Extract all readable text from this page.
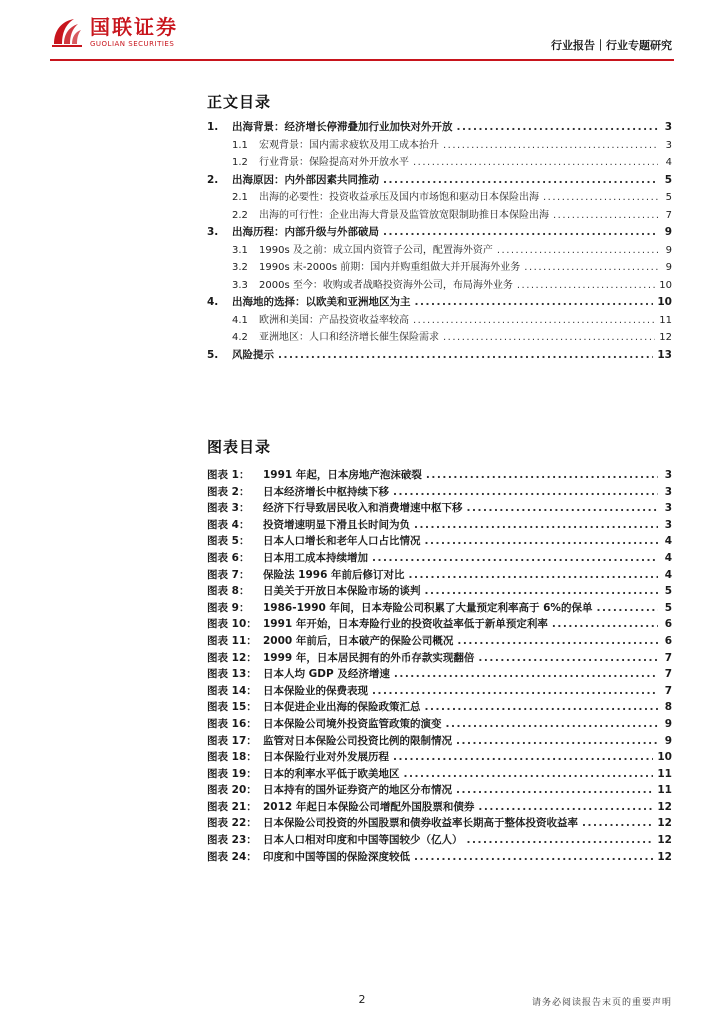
国联证券
GUOLIAN SECURITIES	行业报告｜行业专题研究
正文目录
1.	出海背景：经济增长停滞叠加行业加快对外开放 .....	3
1.1	宏观背景：国内需求疲软及用工成本抬升 .....	3
1.2	行业背景：保险提高对外开放水平 .....	4
2.	出海原因：内外部因素共同推动 .....	5
2.1	出海的必要性：投资收益承压及国内市场饱和驱动日本保险出海 .....	5
2.2	出海的可行性：企业出海大背景及监管放宽限制助推日本保险出海 .....	7
3.	出海历程：内部升级与外部破局 .....	9
3.1	1990s 及之前：成立国内资管子公司，配置海外资产 .....	9
3.2	1990s 末-2000s 前期：国内并购重组做大并开展海外业务 .....	9
3.3	2000s 至今：收购或者战略投资海外公司，布局海外业务 .....	10
4.	出海地的选择：以欧美和亚洲地区为主 .....	10
4.1	欧洲和美国：产品投资收益率较高 .....	11
4.2	亚洲地区：人口和经济增长催生保险需求 .....	12
5.	风险提示 .....	13
图表目录
图表 1：	1991 年起，日本房地产泡沫破裂 .....	3
图表 2：	日本经济增长中枢持续下移 .....	3
图表 3：	经济下行导致居民收入和消费增速中枢下移 .....	3
图表 4：	投资增速明显下滑且长时间为负 .....	3
图表 5：	日本人口增长和老年人口占比情况 .....	4
图表 6：	日本用工成本持续增加 .....	4
图表 7：	保险法 1996 年前后修订对比 .....	4
图表 8：	日美关于开放日本保险市场的谈判 .....	5
图表 9：	1986-1990 年间，日本寿险公司积累了大量预定利率高于 6%的保单 .....	5
图表 10： 1991 年开始，日本寿险行业的投资收益率低于新单预定利率 .....	6
图表 11： 2000 年前后，日本破产的保险公司概况 .....	6
图表 12： 1999 年，日本居民拥有的外币存款实现翻倍 .....	7
图表 13： 日本人均 GDP 及经济增速 .....	7
图表 14： 日本保险业的保费表现 .....	7
图表 15： 日本促进企业出海的保险政策汇总 .....	8
图表 16： 日本保险公司境外投资监管政策的演变 .....	9
图表 17： 监管对日本保险公司投资比例的限制情况 .....	9
图表 18： 日本保险行业对外发展历程 .....	10
图表 19： 日本的利率水平低于欧美地区 .....	11
图表 20： 日本持有的国外证券资产的地区分布情况 .....	11
图表 21： 2012 年起日本保险公司增配外国股票和债券 .....	12
图表 22： 日本保险公司投资的外国股票和债券收益率长期高于整体投资收益率 .....	12
图表 23： 日本人口相对印度和中国等国较少（亿人） .....	12
图表 24： 印度和中国等国的保险深度较低 .....	12
2	请务必阅读报告末页的重要声明
